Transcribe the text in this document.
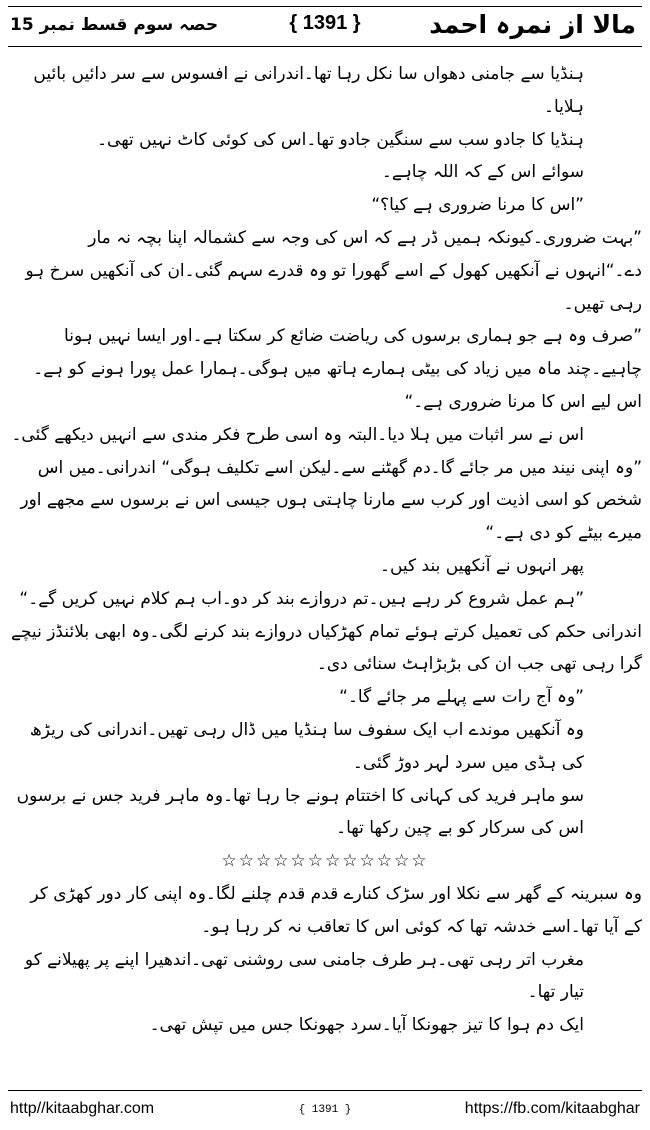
مالا از نمرہ احمد
{ 1391 }
حصہ سوم قسط نمبر 15

ہنڈیا سے جامنی دھواں سا نکل رہا تھا۔اندرانی نے افسوس سے سر دائیں بائیں ہلایا۔

ہنڈیا کا جادو سب سے سنگین جادو تھا۔اس کی کوئی کاٹ نہیں تھی۔

سوائے اس کے کہ اللہ چاہے۔

”اس کا مرنا ضروری ہے کیا؟“

”بہت ضروری۔کیونکہ ہمیں ڈر ہے کہ اس کی وجہ سے کشمالہ اپنا بچہ نہ مار دے۔“انہوں نے آنکھیں کھول کے اسے گھورا تو وہ قدرے سہم گئی۔ان کی آنکھیں سرخ ہو رہی تھیں۔

”صرف وہ ہے جو ہماری برسوں کی ریاضت ضائع کر سکتا ہے۔اور ایسا نہیں ہونا چاہیے۔چند ماہ میں زیاد کی بیٹی ہمارے ہاتھ میں ہوگی۔ہمارا عمل پورا ہونے کو ہے۔اس لیے اس کا مرنا ضروری ہے۔“

اس نے سر اثبات میں ہلا دیا۔البتہ وہ اسی طرح فکر مندی سے انہیں دیکھے گئی۔

”وہ اپنی نیند میں مر جائے گا۔دم گھٹنے سے۔لیکن اسے تکلیف ہوگی“ اندرانی۔میں اس شخص کو اسی اذیت اور کرب سے مارنا چاہتی ہوں جیسی اس نے برسوں سے مجھے اور میرے بیٹے کو دی ہے۔“

پھر انہوں نے آنکھیں بند کیں۔

”ہم عمل شروع کر رہے ہیں۔تم دروازے بند کر دو۔اب ہم کلام نہیں کریں گے۔“

اندرانی حکم کی تعمیل کرتے ہوئے تمام کھڑکیاں دروازے بند کرنے لگی۔وہ ابھی بلائنڈز نیچے گرا رہی تھی جب ان کی بڑبڑاہٹ سنائی دی۔

”وہ آج رات سے پہلے مر جائے گا۔“

وہ آنکھیں موندے اب ایک سفوف سا ہنڈیا میں ڈال رہی تھیں۔اندرانی کی ریڑھ کی ہڈی میں سرد لہر دوڑ گئی۔

سو ماہر فرید کی کہانی کا اختتام ہونے جا رہا تھا۔وہ ماہر فرید جس نے برسوں اس کی سرکار کو بے چین رکھا تھا۔

☆☆☆☆☆☆☆☆☆☆☆☆

وہ سبرینہ کے گھر سے نکلا اور سڑک کنارے قدم قدم چلنے لگا۔وہ اپنی کار دور کھڑی کر کے آیا تھا۔اسے خدشہ تھا کہ کوئی اس کا تعاقب نہ کر رہا ہو۔

مغرب اتر رہی تھی۔ہر طرف جامنی سی روشنی تھی۔اندھیرا اپنے پر پھیلانے کو تیار تھا۔

ایک دم ہوا کا تیز جھونکا آیا۔سرد جھونکا جس میں تپش تھی۔

http//kitaabghar.com	{ 1391 }	https://fb.com/kitaabghar
